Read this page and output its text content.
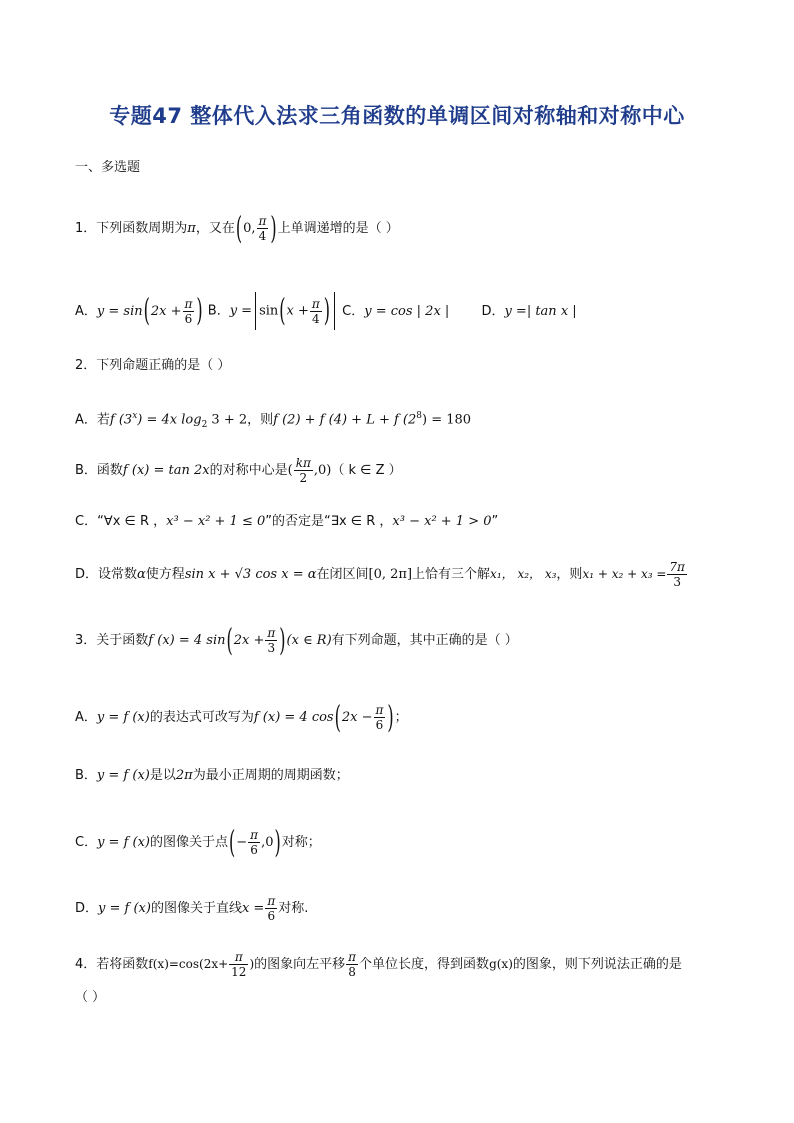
专题47 整体代入法求三角函数的单调区间对称轴和对称中心
一、多选题
1．下列函数周期为π，又在(0, $\frac{\pi}{4}$ )上单调递增的是（ ）
A．$y = \sin(2x + \frac{\pi}{6}$ ) B．$y = \sin(x + \frac{\pi}{4}$ ) C．y = cos | 2x | D．y =| tan x |
2．下列命题正确的是（ ）
A．若f $(3^x) = 4x$ $\log_2 3 + 2$，则f (2) + f (4) + L + f $(2^8) = 180$
B．函数f (x) = tan 2x的对称中心是( $\frac{k\pi}{2} ,0$)（ k ∈ Z ）
C．“∀x ∈ R ，x³ − x² + 1 ≤ 0”的否定是“∃x ∈ R ，x³ − x² + 1 > 0”
D．设常数α使方程sin x + √3 cos x = α在闭区间[0, 2π]上恰有三个解x₁， x₂， x₃，则$x_1 + x_2 + x_3 = \frac{7\pi}{3}$
3．关于函数f (x) = 4 $\sin(2x + \frac{\pi}{3} )(x$ ∈ R)有下列命题，其中正确的是（ ）
A．y = f (x)的表达式可改写为f (x) = 4 $\cos(2x - \frac{\pi}{6}$ )；
B．y = f (x)是以2π为最小正周期的周期函数；
C．y = f (x)的图像关于点(− $\frac{\pi}{6} ,0$)对称；
D．y = f (x)的图像关于直线$x = \frac{\pi}{6}$ 对称.
4．若将函数$f(x)=\cos(2x+ \frac{\pi}{12}$ )的图象向左平移 $\frac{\pi}{8}$ 个单位长度，得到函数g(x)的图象，则下列说法正确的是
（ ）
